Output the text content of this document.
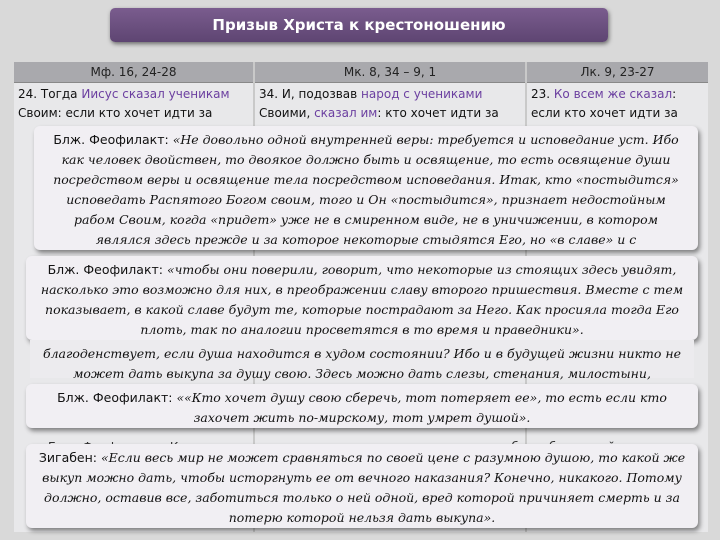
Призыв Христа к крестоношению
Мф. 16, 24-28
24. Тогда Иисус сказал ученикам
Своим: если кто хочет идти за
Мк. 8, 34 – 9, 1
34. И, подозвав народ с учениками
Своими, сказал им: кто хочет идти за
Лк. 9, 23-27
23. Ко всем же сказал:
если кто хочет идти за
Блж. Феофилакт: «Не довольно одной внутренней веры: требуется и исповедание уст. Ибо как человек двойствен, то двоякое должно быть и освящение, то есть освящение души посредством веры и освящение тела посредством исповедания. Итак, кто «постыдится» исповедать Распятого Богом своим, того и Он «постыдится», признает недостойным рабом Своим, когда «придет» уже не в смиренном виде, не в уничижении, в котором являлся здесь прежде и за которое некоторые стыдятся Его, но «в славе» и с
Блж. Феофилакт: «чтобы они поверили, говорит, что некоторые из стоящих здесь увидят, насколько это возможно для них, в преображении славу второго пришествия. Вместе с тем показывает, в какой славе будут те, которые пострадают за Него. Как просияла тогда Его плоть, так по аналогии просветятся в то время и праведники».
благоденствует, если душа находится в худом состоянии? Ибо и в будущей жизни никто не может дать выкупа за душу свою. Здесь можно дать слезы, стенания, милостыни,
Блж. Феофилакт: ««Кто хочет душу свою сберечь, тот потеряет ее», то есть если кто захочет жить по-мирскому, тот умрет душой».
Зигабен: «Если весь мир не может сравняться по своей цене с разумною душою, то какой же выкуп можно дать, чтобы исторгнуть ее от вечного наказания? Конечно, никакого. Потому должно, оставив все, заботиться только о ней одной, вред которой причиняет смерть и за потерю которой нельзя дать выкупа».
